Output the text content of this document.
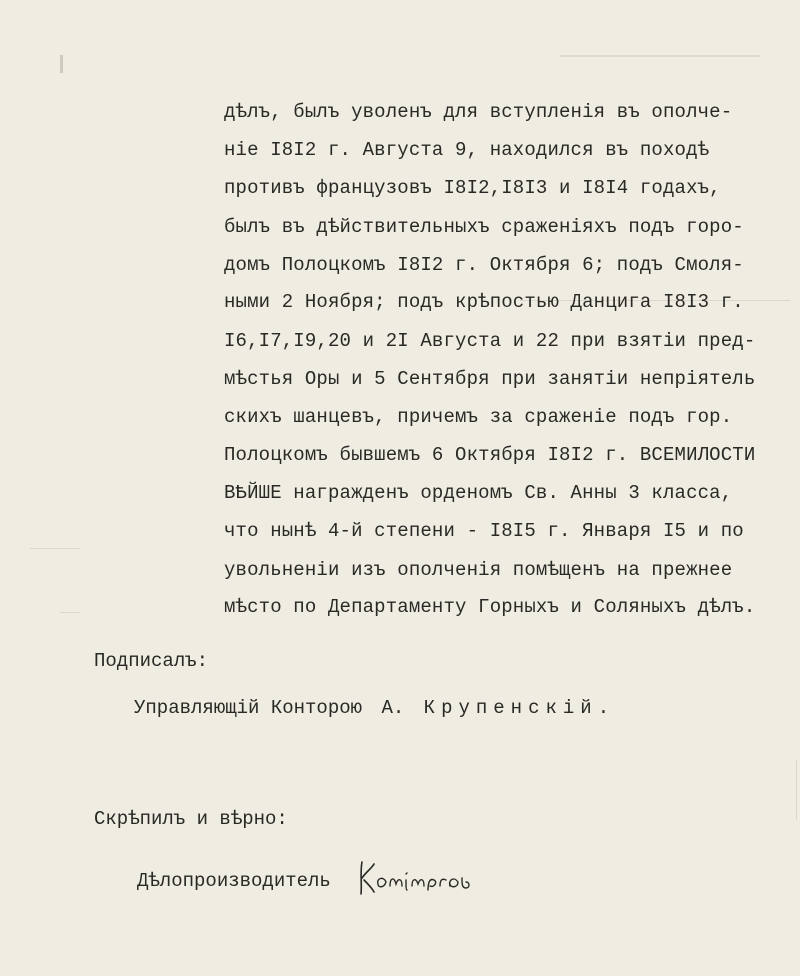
дѣлъ, былъ уволенъ для вступленія въ ополче-
ніе I8I2 г. Августа 9, находился въ походѣ
противъ французовъ I8I2,I8I3 и I8I4 годахъ,
былъ въ дѣйствительныхъ сраженіяхъ подъ горо-
домъ Полоцкомъ I8I2 г. Октября 6; подъ Смоля-
ными 2 Ноября; подъ крѣпостью Данцига I8I3 г.
I6,I7,I9,20 и 2I Августа и 22 при взятіи пред-
мѣстья Оры и 5 Сентября при занятіи непріятель
скихъ шанцевъ, причемъ за сраженіе подъ гор.
Полоцкомъ бывшемъ 6 Октября I8I2 г. ВСЕМИЛОСТИ
ВѢЙШЕ награжденъ орденомъ Св. Анны 3 класса,
что нынѣ 4-й степени - I8I5 г. Января I5 и по
увольненіи изъ ополченія помѣщенъ на прежнее
мѣсто по Департаменту Горныхъ и Соляныхъ дѣлъ.
Подписалъ:
Управляющій Конторою А. Крупенскій.
Скрѣпилъ и вѣрно:
Дѣлопроизводитель
